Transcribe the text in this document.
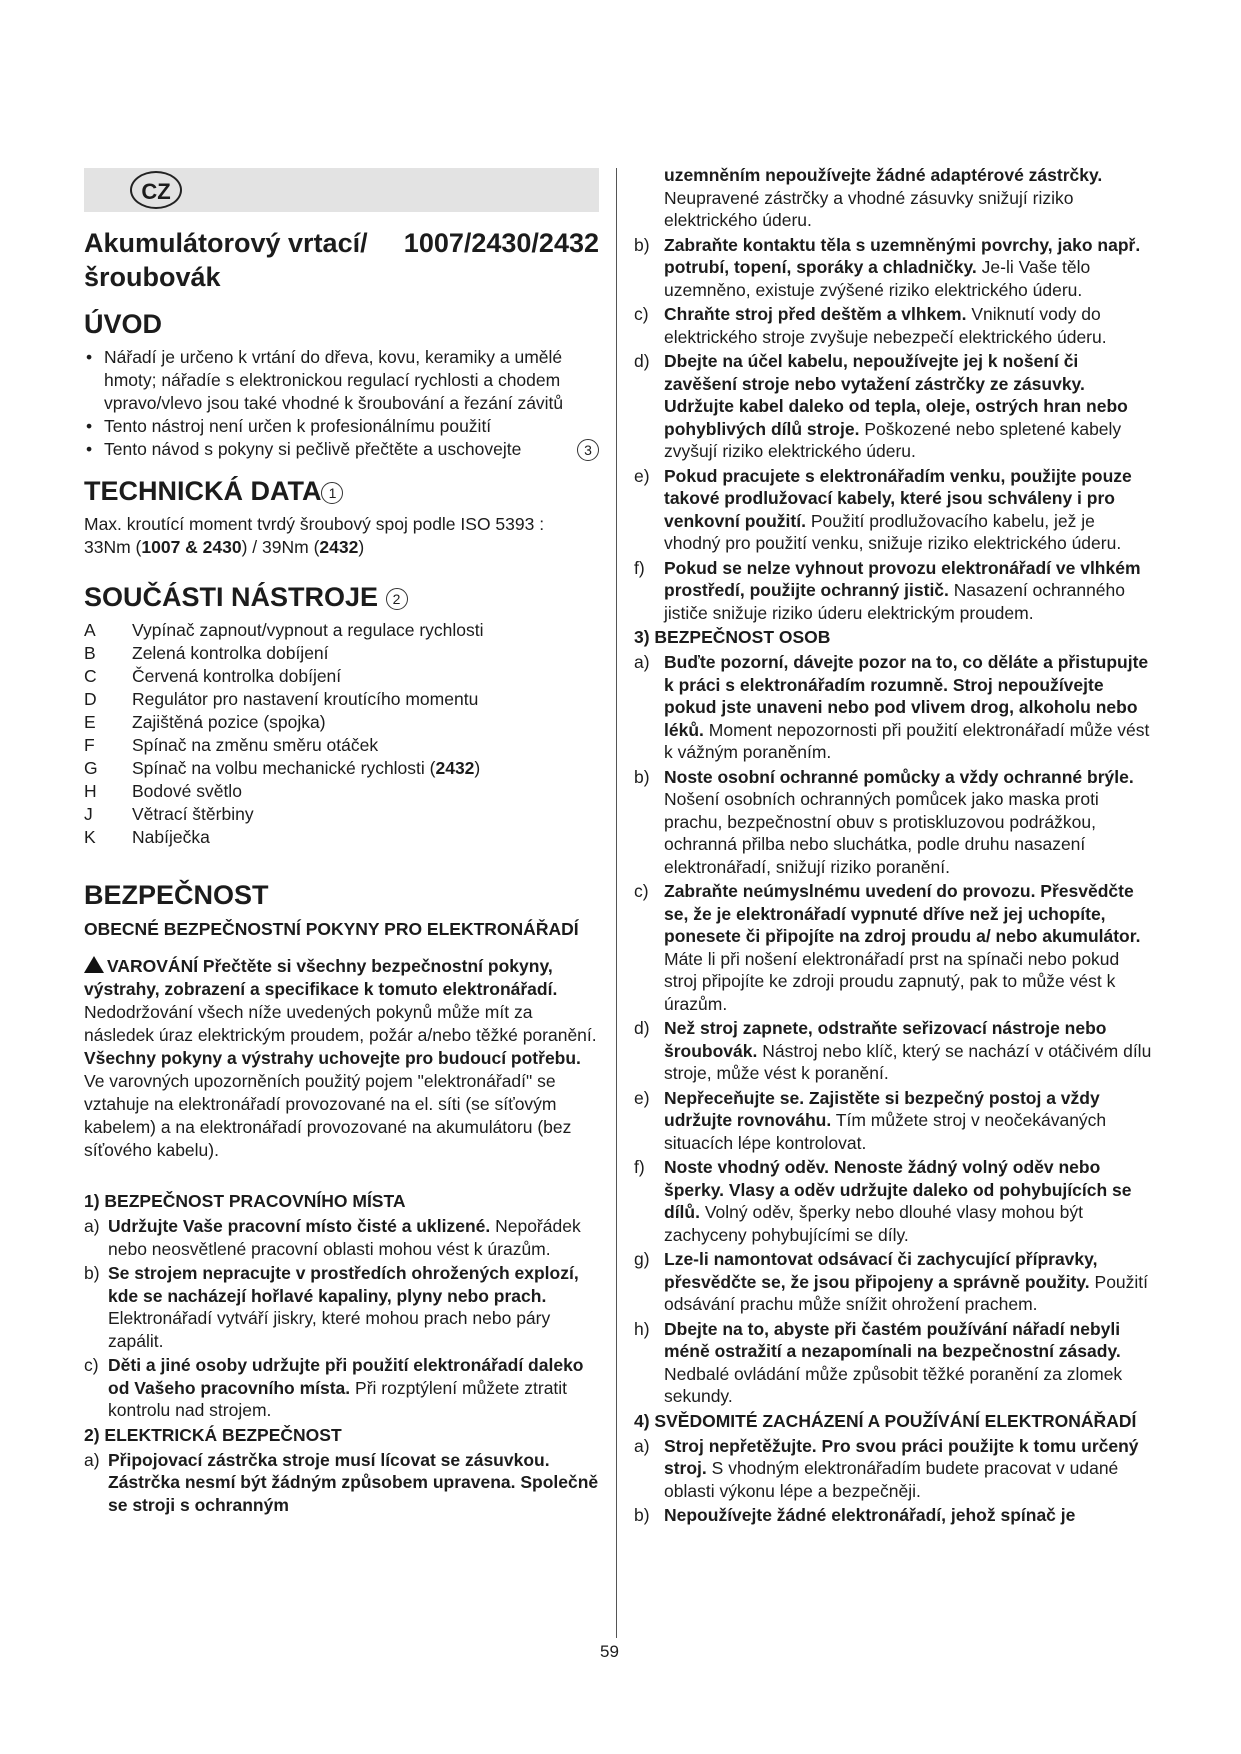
CZ
Akumulátorový vrtací/ 1007/2430/2432
šroubovák
ÚVOD
• Nářadí je určeno k vrtání do dřeva, kovu, keramiky a umělé hmoty; nářadíe s elektronickou regulací rychlosti a chodem vpravo/vlevo jsou také vhodné k šroubování a řezání závitů
• Tento nástroj není určen k profesionálnímu použití
• Tento návod s pokyny si pečlivě přečtěte a uschovejte	3
TECHNICKÁ DATA 1

Max. kroutící moment tvrdý šroubový spoj podle ISO 5393 :

33Nm (1007 & 2430) / 39Nm (2432)

SOUČÁSTI NÁSTROJE 2
A	Vypínač zapnout/vypnout a regulace rychlosti
B	Zelená kontrolka dobíjení
C	Červená kontrolka dobíjení
D	Regulátor pro nastavení kroutícího momentu
E	Zajištěná pozice (spojka)
F	Spínač na změnu směru otáček
G	Spínač na volbu mechanické rychlosti ( 2432 )
H	Bodové světlo
J	Větrací štěrbiny
K	Nabíječka
BEZPEČNOST
OBECNÉ BEZPEČNOSTNÍ POKYNY PRO ELEKTRONÁŘADÍ

VAROVÁNÍ Přečtěte si všechny bezpečnostní pokyny, výstrahy, zobrazení a specifikace k tomuto elektronářadí. Nedodržování všech níže uvedených pokynů může mít za následek úraz elektrickým proudem, požár a/nebo těžké poranění. Všechny pokyny a výstrahy uchovejte pro budoucí potřebu. Ve varovných upozorněních použitý pojem "elektronářadí" se vztahuje na elektronářadí provozované na el. síti (se síťovým kabelem) a na elektronářadí provozované na akumulátoru (bez síťového kabelu).

1) BEZPEČNOST PRACOVNÍHO MÍSTA
a) Udržujte Vaše pracovní místo čisté a uklizené. Nepořádek nebo neosvětlené pracovní oblasti mohou vést k úrazům.
b) Se strojem nepracujte v prostředích ohrožených explozí, kde se nacházejí hořlavé kapaliny, plyny nebo prach. Elektronářadí vytváří jiskry, které mohou prach nebo páry zapálit.
c) Děti a jiné osoby udržujte při použití elektronářadí daleko od Vašeho pracovního místa. Při rozptýlení můžete ztratit kontrolu nad strojem.
2) ELEKTRICKÁ BEZPEČNOST
a) Připojovací zástrčka stroje musí lícovat se zásuvkou. Zástrčka nesmí být žádným způsobem upravena. Společně se stroji s ochranným
uzemněním nepoužívejte žádné adaptérové zástrčky. Neupravené zástrčky a vhodné zásuvky snižují riziko elektrického úderu.
b) Zabraňte kontaktu těla s uzemněnými povrchy, jako např. potrubí, topení, sporáky a chladničky. Je-li Vaše tělo uzemněno, existuje zvýšené riziko elektrického úderu.
c) Chraňte stroj před deštěm a vlhkem. Vniknutí vody do elektrického stroje zvyšuje nebezpečí elektrického úderu.
d) Dbejte na účel kabelu, nepoužívejte jej k nošení či zavěšení stroje nebo vytažení zástrčky ze zásuvky. Udržujte kabel daleko od tepla, oleje, ostrých hran nebo pohyblivých dílů stroje. Poškozené nebo spletené kabely zvyšují riziko elektrického úderu.
e) Pokud pracujete s elektronářadím venku, použijte pouze takové prodlužovací kabely, které jsou schváleny i pro venkovní použití. Použití prodlužovacího kabelu, jež je vhodný pro použití venku, snižuje riziko elektrického úderu.
f) Pokud se nelze vyhnout provozu elektronářadí ve vlhkém prostředí, použijte ochranný jistič. Nasazení ochranného jističe snižuje riziko úderu elektrickým proudem.
3) BEZPEČNOST OSOB
a) Buďte pozorní, dávejte pozor na to, co děláte a přistupujte k práci s elektronářadím rozumně. Stroj nepoužívejte pokud jste unaveni nebo pod vlivem drog, alkoholu nebo léků. Moment nepozornosti při použití elektronářadí může vést k vážným poraněním.
b) Noste osobní ochranné pomůcky a vždy ochranné brýle. Nošení osobních ochranných pomůcek jako maska proti prachu, bezpečnostní obuv s protiskluzovou podrážkou, ochranná přilba nebo sluchátka, podle druhu nasazení elektronářadí, snižují riziko poranění.
c) Zabraňte neúmyslnému uvedení do provozu. Přesvědčte se, že je elektronářadí vypnuté dříve než jej uchopíte, ponesete či připojíte na zdroj proudu a/ nebo akumulátor. Máte li při nošení elektronářadí prst na spínači nebo pokud stroj připojíte ke zdroji proudu zapnutý, pak to může vést k úrazům.
d) Než stroj zapnete, odstraňte seřizovací nástroje nebo šroubovák. Nástroj nebo klíč, který se nachází v otáčivém dílu stroje, může vést k poranění.
e) Nepřeceňujte se. Zajistěte si bezpečný postoj a vždy udržujte rovnováhu. Tím můžete stroj v neočekávaných situacích lépe kontrolovat.
f) Noste vhodný oděv. Nenoste žádný volný oděv nebo šperky. Vlasy a oděv udržujte daleko od pohybujících se dílů. Volný oděv, šperky nebo dlouhé vlasy mohou být zachyceny pohybujícími se díly.
g) Lze-li namontovat odsávací či zachycující přípravky, přesvědčte se, že jsou připojeny a správně použity. Použití odsávání prachu může snížit ohrožení prachem.
h) Dbejte na to, abyste při častém používání nářadí nebyli méně ostražití a nezapomínali na bezpečnostní zásady. Nedbalé ovládání může způsobit těžké poranění za zlomek sekundy.
4) SVĚDOMITÉ ZACHÁZENÍ A POUŽÍVÁNÍ ELEKTRONÁŘADÍ
a) Stroj nepřetěžujte. Pro svou práci použijte k tomu určený stroj. S vhodným elektronářadím budete pracovat v udané oblasti výkonu lépe a bezpečněji.
b) Nepoužívejte žádné elektronářadí, jehož spínač je
59
